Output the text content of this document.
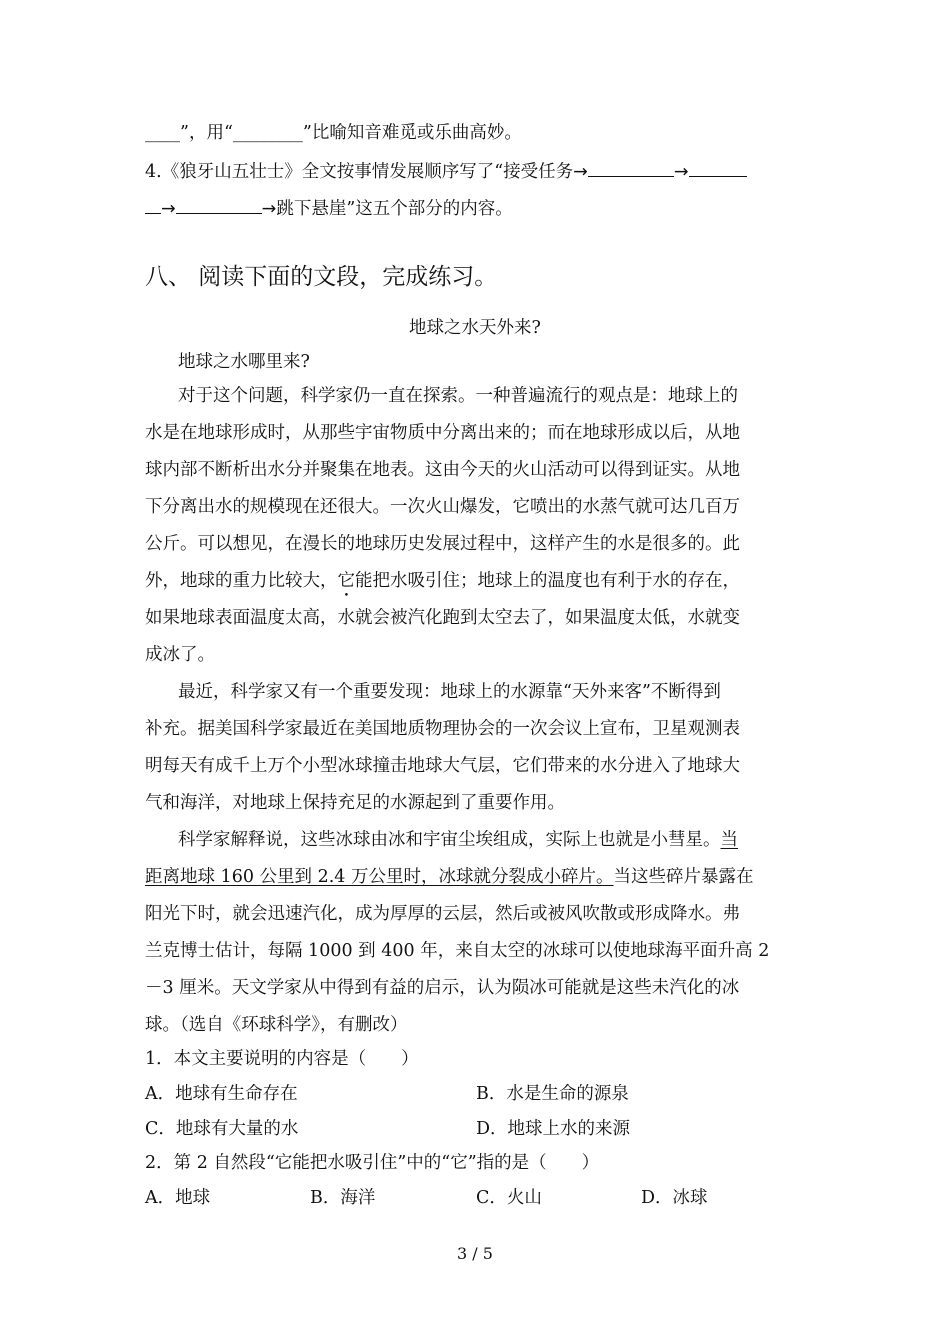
____”，用“________”比喻知音难觅或乐曲高妙。
4.《狼牙山五壮士》全文按事情发展顺序写了“接受任务→	→
→	→跳下悬崖”这五个部分的内容。
八、 阅读下面的文段，完成练习。
地球之水天外来?
地球之水哪里来?
对于这个问题，科学家仍一直在探索。一种普遍流行的观点是：地球上的
水是在地球形成时，从那些宇宙物质中分离出来的；而在地球形成以后，从地
球内部不断析出水分并聚集在地表。这由今天的火山活动可以得到证实。从地
下分离出水的规模现在还很大。一次火山爆发，它喷出的水蒸气就可达几百万
公斤。可以想见，在漫长的地球历史发展过程中，这样产生的水是很多的。此
外，地球的重力比较大，它能把水吸引住；地球上的温度也有利于水的存在，
如果地球表面温度太高，水就会被汽化跑到太空去了，如果温度太低，水就变
成冰了。
最近，科学家又有一个重要发现：地球上的水源靠“天外来客”不断得到
补充。据美国科学家最近在美国地质物理协会的一次会议上宣布，卫星观测表
明每天有成千上万个小型冰球撞击地球大气层，它们带来的水分进入了地球大
气和海洋，对地球上保持充足的水源起到了重要作用。
科学家解释说，这些冰球由冰和宇宙尘埃组成，实际上也就是小彗星。当
距离地球 160 公里到 2.4 万公里时，冰球就分裂成小碎片。当这些碎片暴露在
阳光下时，就会迅速汽化，成为厚厚的云层，然后或被风吹散或形成降水。弗
兰克博士估计，每隔 1000 到 400 年，来自太空的冰球可以使地球海平面升高 2
－3 厘米。天文学家从中得到有益的启示，认为陨冰可能就是这些未汽化的冰
球。（选自《环球科学》，有删改）
1．本文主要说明的内容是（　　）
A．地球有生命存在	B．水是生命的源泉
C．地球有大量的水	D．地球上水的来源
2．第 2 自然段“它能把水吸引住”中的“它”指的是（　　）
A．地球	B．海洋	C．火山	D．冰球
3 / 5
